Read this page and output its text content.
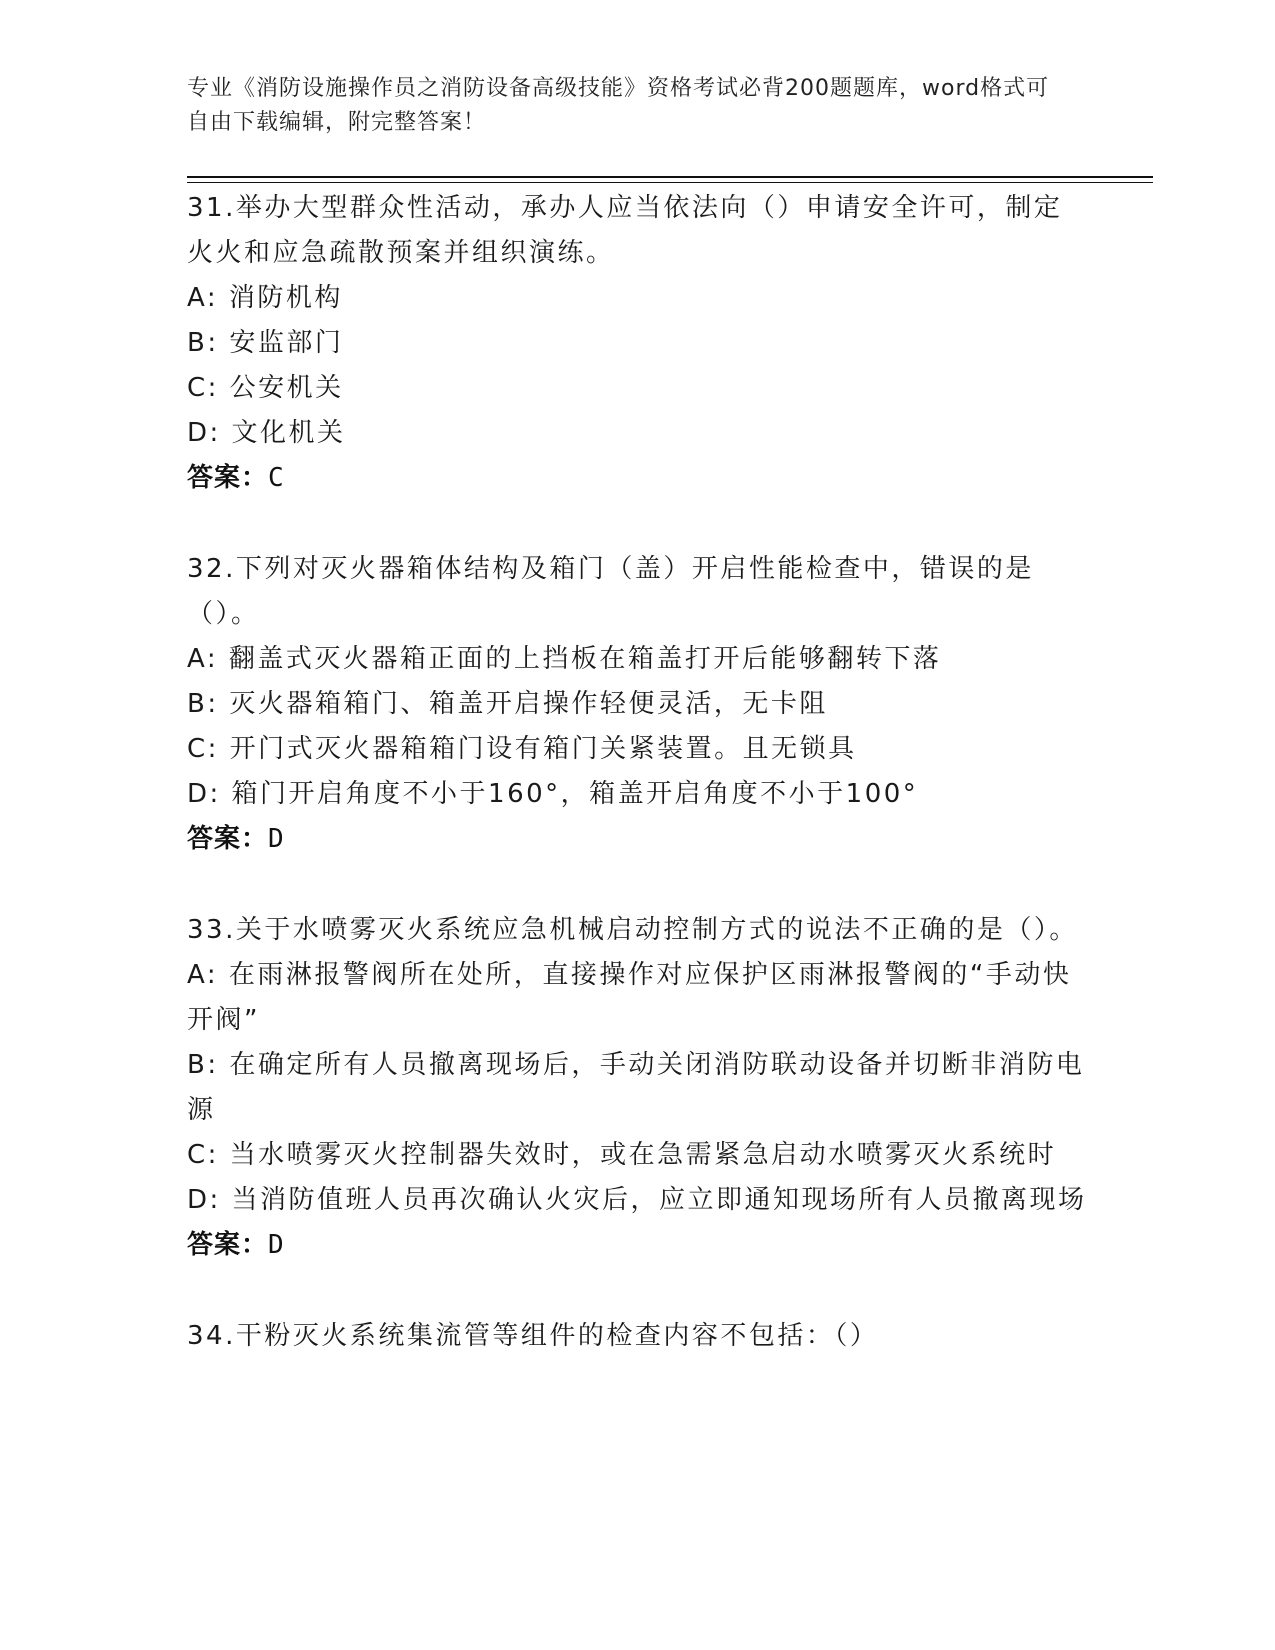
专业《消防设施操作员之消防设备高级技能》资格考试必背200题题库，word格式可自由下载编辑，附完整答案！
31.举办大型群众性活动，承办人应当依法向（）申请安全许可，制定火火和应急疏散预案并组织演练。
A: 消防机构
B: 安监部门
C: 公安机关
D: 文化机关
答案：C
32.下列对灭火器箱体结构及箱门（盖）开启性能检查中，错误的是（）。
A: 翻盖式灭火器箱正面的上挡板在箱盖打开后能够翻转下落
B: 灭火器箱箱门、箱盖开启操作轻便灵活，无卡阻
C: 开门式灭火器箱箱门设有箱门关紧装置。且无锁具
D: 箱门开启角度不小于160°，箱盖开启角度不小于100°
答案：D
33.关于水喷雾灭火系统应急机械启动控制方式的说法不正确的是（）。
A: 在雨淋报警阀所在处所，直接操作对应保护区雨淋报警阀的“手动快开阀”
B: 在确定所有人员撤离现场后，手动关闭消防联动设备并切断非消防电源
C: 当水喷雾灭火控制器失效时，或在急需紧急启动水喷雾灭火系统时
D: 当消防值班人员再次确认火灾后，应立即通知现场所有人员撤离现场
答案：D
34.干粉灭火系统集流管等组件的检查内容不包括：（）
